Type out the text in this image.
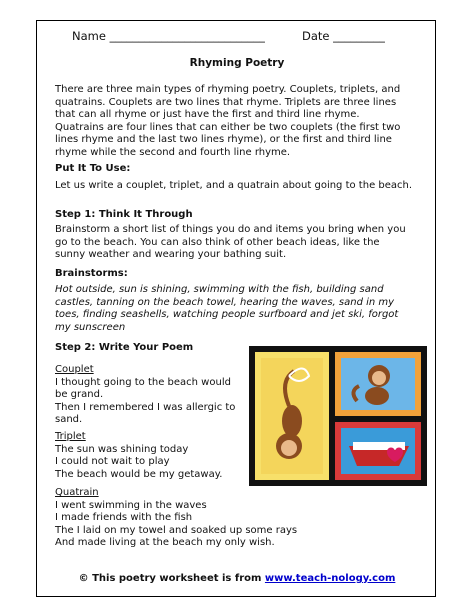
Name ___________________________	Date _________
Rhyming Poetry
There are three main types of rhyming poetry. Couplets, triplets, and
quatrains. Couplets are two lines that rhyme. Triplets are three lines
that can all rhyme or just have the first and third line rhyme.
Quatrains are four lines that can either be two couplets (the first two
lines rhyme and the last two lines rhyme), or the first and third line
rhyme while the second and fourth line rhyme.
Put It To Use:
Let us write a couplet, triplet, and a quatrain about going to the beach.
Step 1: Think It Through
Brainstorm a short list of things you do and items you bring when you
go to the beach. You can also think of other beach ideas, like the
sunny weather and wearing your bathing suit.
Brainstorms:
Hot outside, sun is shining, swimming with the fish, building sand
castles, tanning on the beach towel, hearing the waves, sand in my
toes, finding seashells, watching people surfboard and jet ski, forgot
my sunscreen
Step 2: Write Your Poem
Couplet
I thought going to the beach would
be grand.
Then I remembered I was allergic to
sand.
Triplet
The sun was shining today
I could not wait to play
The beach would be my getaway.
Quatrain
I went swimming in the waves
I made friends with the fish
The I laid on my towel and soaked up some rays
And made living at the beach my only wish.
© This poetry worksheet is from www.teach-nology.com
